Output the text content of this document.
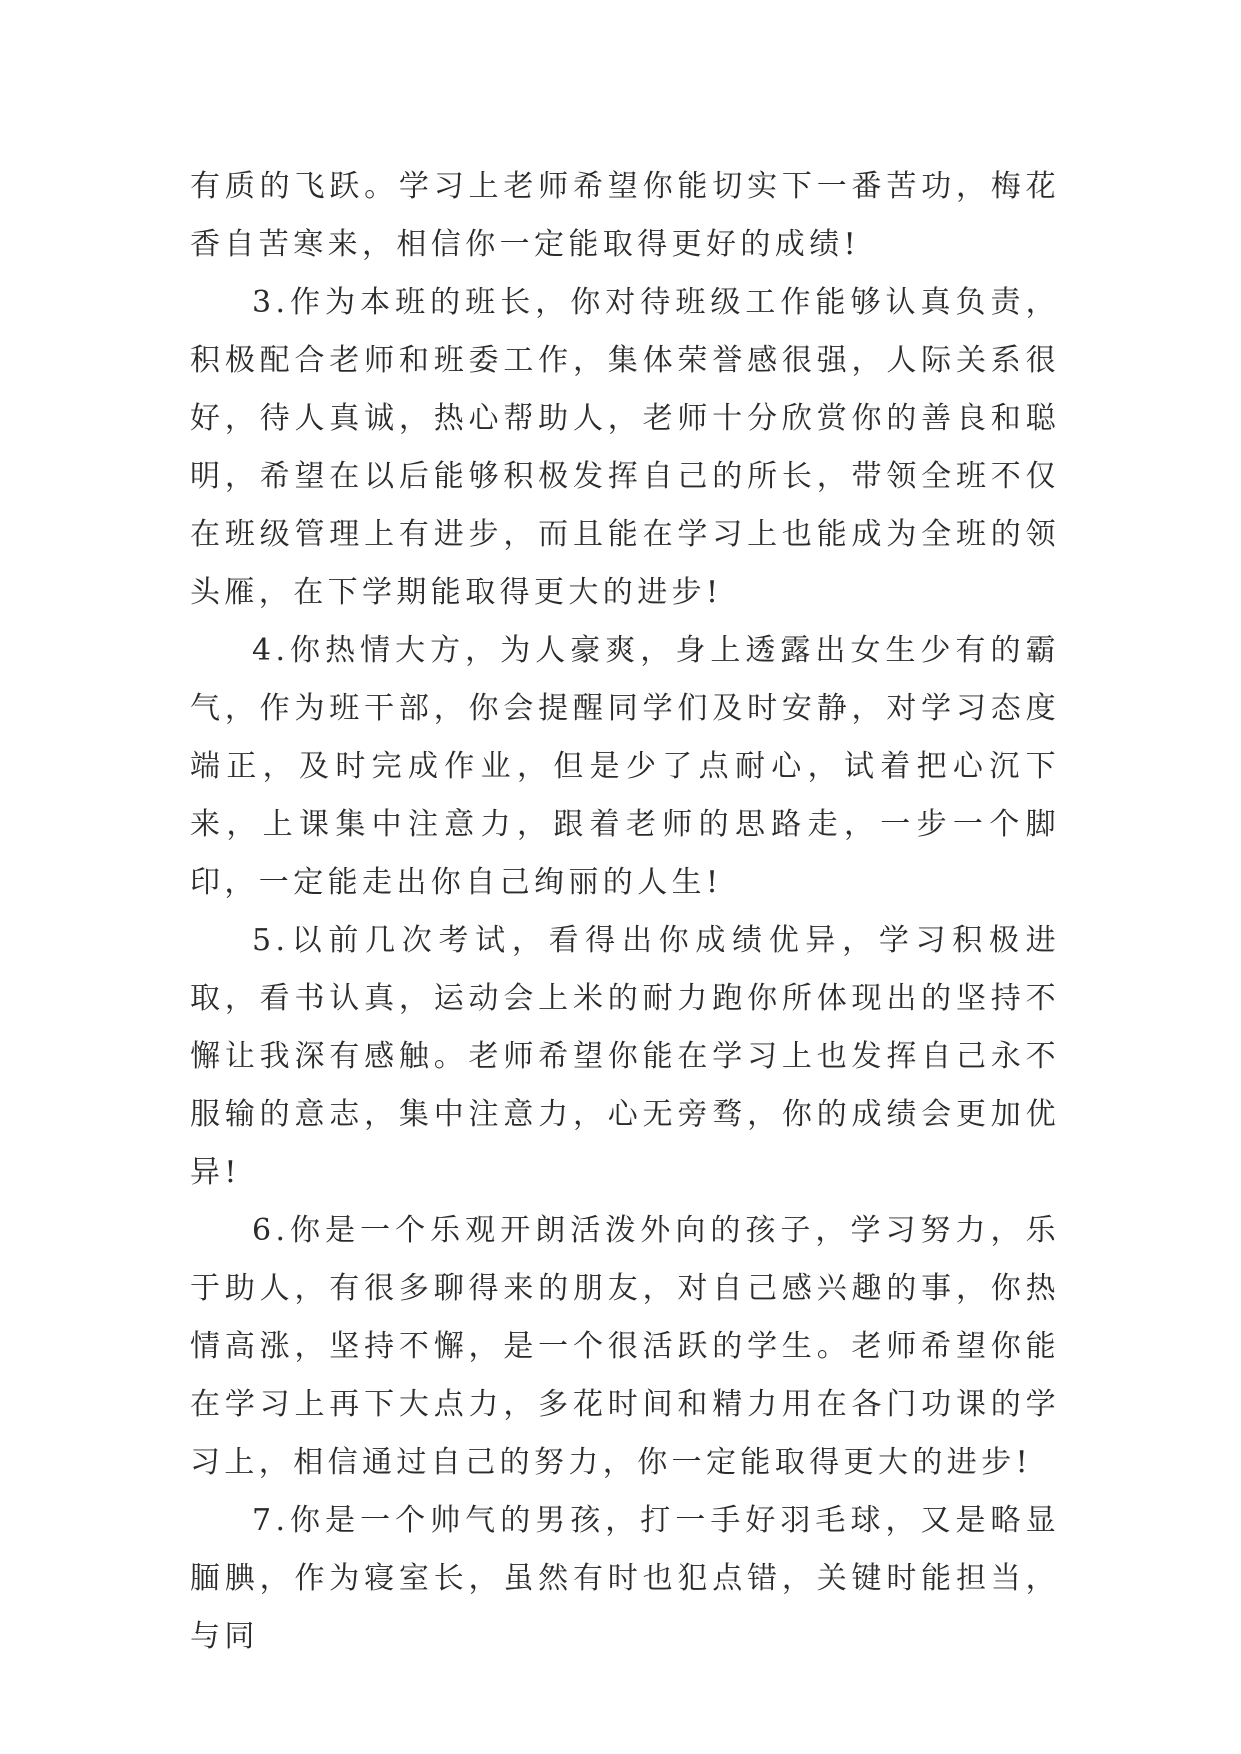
有质的飞跃。学习上老师希望你能切实下一番苦功，梅花香自苦寒来，相信你一定能取得更好的成绩!

3.作为本班的班长，你对待班级工作能够认真负责，积极配合老师和班委工作，集体荣誉感很强，人际关系很好，待人真诚，热心帮助人，老师十分欣赏你的善良和聪明，希望在以后能够积极发挥自己的所长，带领全班不仅在班级管理上有进步，而且能在学习上也能成为全班的领头雁，在下学期能取得更大的进步!

4.你热情大方，为人豪爽，身上透露出女生少有的霸气，作为班干部，你会提醒同学们及时安静，对学习态度端正，及时完成作业，但是少了点耐心，试着把心沉下来，上课集中注意力，跟着老师的思路走，一步一个脚印，一定能走出你自己绚丽的人生!

5.以前几次考试，看得出你成绩优异，学习积极进取，看书认真，运动会上米的耐力跑你所体现出的坚持不懈让我深有感触。老师希望你能在学习上也发挥自己永不服输的意志，集中注意力，心无旁骛，你的成绩会更加优异!

6.你是一个乐观开朗活泼外向的孩子，学习努力，乐于助人，有很多聊得来的朋友，对自己感兴趣的事，你热情高涨，坚持不懈，是一个很活跃的学生。老师希望你能在学习上再下大点力，多花时间和精力用在各门功课的学习上，相信通过自己的努力，你一定能取得更大的进步!

7.你是一个帅气的男孩，打一手好羽毛球，又是略显腼腆，作为寝室长，虽然有时也犯点错，关键时能担当，与同
